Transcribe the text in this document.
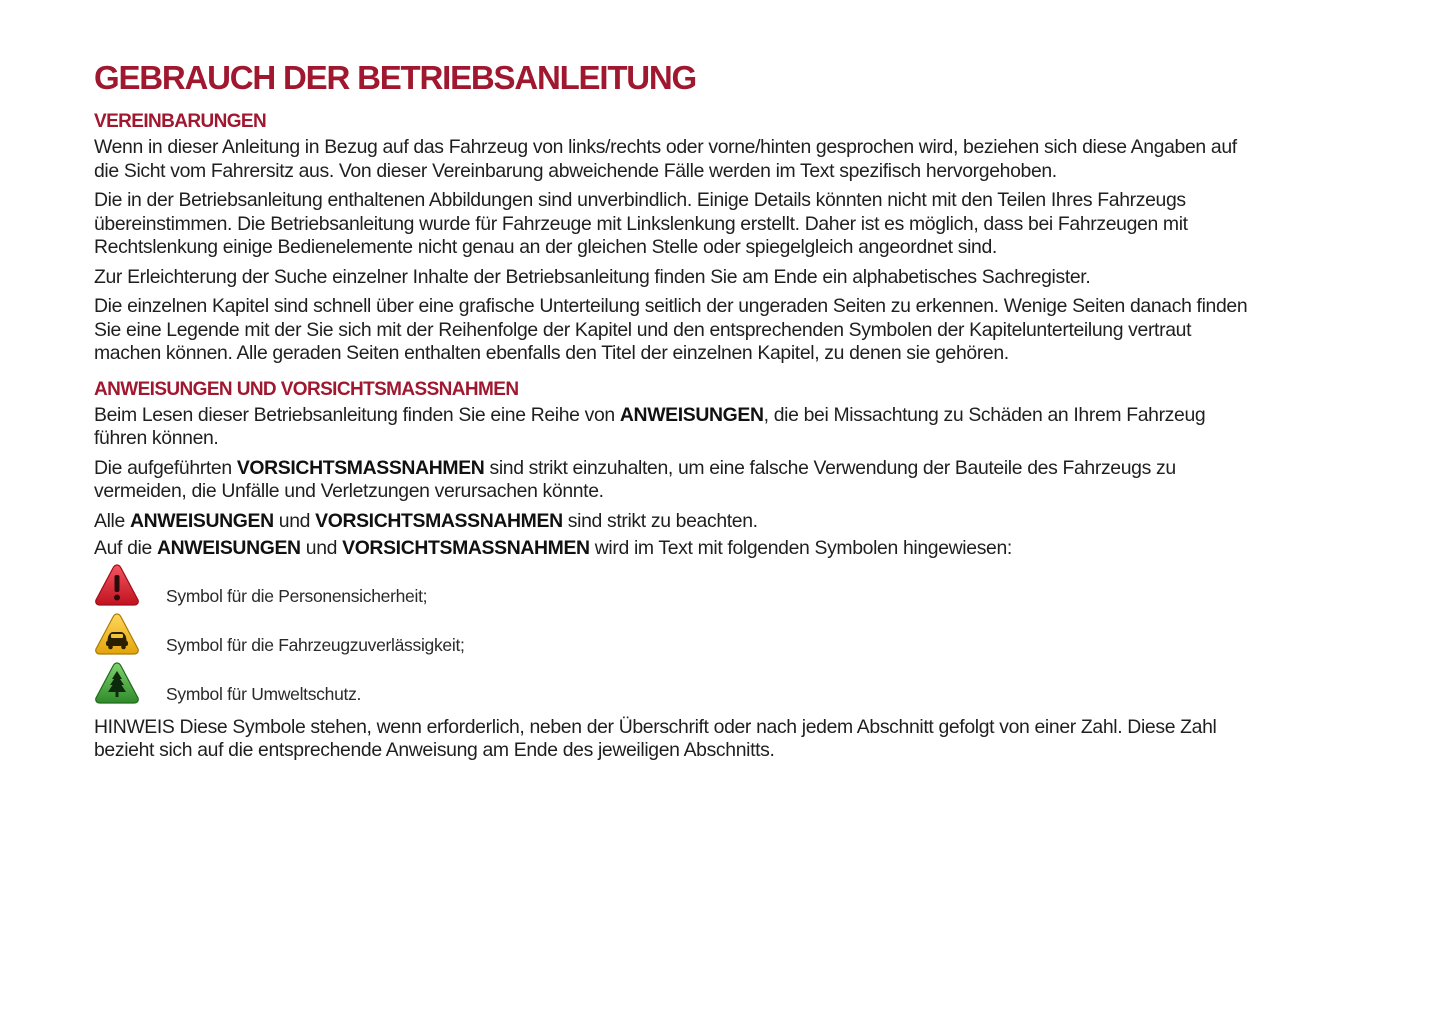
GEBRAUCH DER BETRIEBSANLEITUNG
VEREINBARUNGEN

Wenn in dieser Anleitung in Bezug auf das Fahrzeug von links/rechts oder vorne/hinten gesprochen wird, beziehen sich diese Angaben auf die Sicht vom Fahrersitz aus. Von dieser Vereinbarung abweichende Fälle werden im Text spezifisch hervorgehoben.

Die in der Betriebsanleitung enthaltenen Abbildungen sind unverbindlich. Einige Details könnten nicht mit den Teilen Ihres Fahrzeugs übereinstimmen. Die Betriebsanleitung wurde für Fahrzeuge mit Linkslenkung erstellt. Daher ist es möglich, dass bei Fahrzeugen mit Rechtslenkung einige Bedienelemente nicht genau an der gleichen Stelle oder spiegelgleich angeordnet sind.

Zur Erleichterung der Suche einzelner Inhalte der Betriebsanleitung finden Sie am Ende ein alphabetisches Sachregister.

Die einzelnen Kapitel sind schnell über eine grafische Unterteilung seitlich der ungeraden Seiten zu erkennen. Wenige Seiten danach finden Sie eine Legende mit der Sie sich mit der Reihenfolge der Kapitel und den entsprechenden Symbolen der Kapitelunterteilung vertraut machen können. Alle geraden Seiten enthalten ebenfalls den Titel der einzelnen Kapitel, zu denen sie gehören.

ANWEISUNGEN UND VORSICHTSMASSNAHMEN

Beim Lesen dieser Betriebsanleitung finden Sie eine Reihe von ANWEISUNGEN, die bei Missachtung zu Schäden an Ihrem Fahrzeug führen können.

Die aufgeführten VORSICHTSMASSNAHMEN sind strikt einzuhalten, um eine falsche Verwendung der Bauteile des Fahrzeugs zu vermeiden, die Unfälle und Verletzungen verursachen könnte.

Alle ANWEISUNGEN und VORSICHTSMASSNAHMEN sind strikt zu beachten.

Auf die ANWEISUNGEN und VORSICHTSMASSNAHMEN wird im Text mit folgenden Symbolen hingewiesen:

Symbol für die Personensicherheit;
Symbol für die Fahrzeugzuverlässigkeit;
Symbol für Umweltschutz.

HINWEIS Diese Symbole stehen, wenn erforderlich, neben der Überschrift oder nach jedem Abschnitt gefolgt von einer Zahl. Diese Zahl bezieht sich auf die entsprechende Anweisung am Ende des jeweiligen Abschnitts.
